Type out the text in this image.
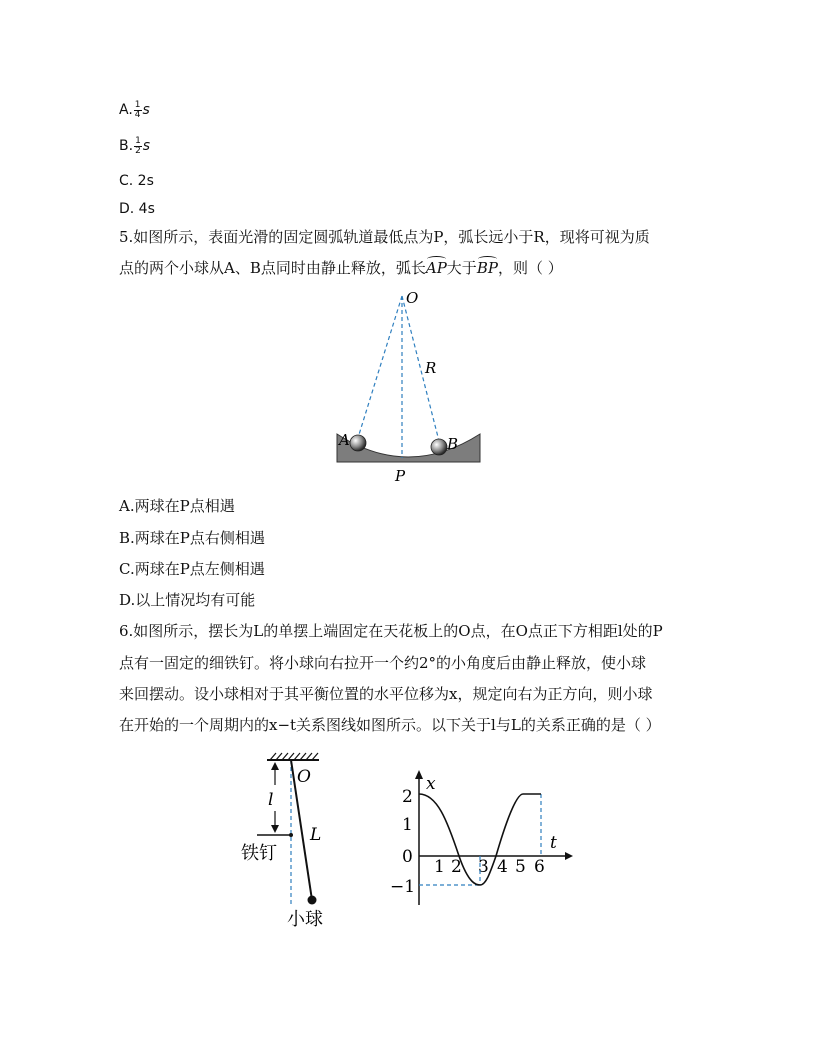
A. $\frac{1}{4}$ s
B. $\frac{1}{2}$ s
C. 2s
D. 4s
5.如图所示，表面光滑的固定圆弧轨道最低点为P，弧长远小于R，现将可视为质
点的两个小球从A、B点同时由静止释放，弧长AP大于BP，则（ ）
O
R
A	B
P
A.两球在P点相遇
B.两球在P点右侧相遇
C.两球在P点左侧相遇
D.以上情况均有可能
6.如图所示，摆长为L的单摆上端固定在天花板上的O点，在O点正下方相距l处的P
点有一固定的细铁钉。将小球向右拉开一个约2°的小角度后由静止释放，使小球
来回摆动。设小球相对于其平衡位置的水平位移为x，规定向右为正方向，则小球
在开始的一个周期内的x−t关系图线如图所示。以下关于l与L的关系正确的是（ ）
O
l
L
铁钉
小球
x
t
2
1
0
−1
1 2 3 4 5 6
